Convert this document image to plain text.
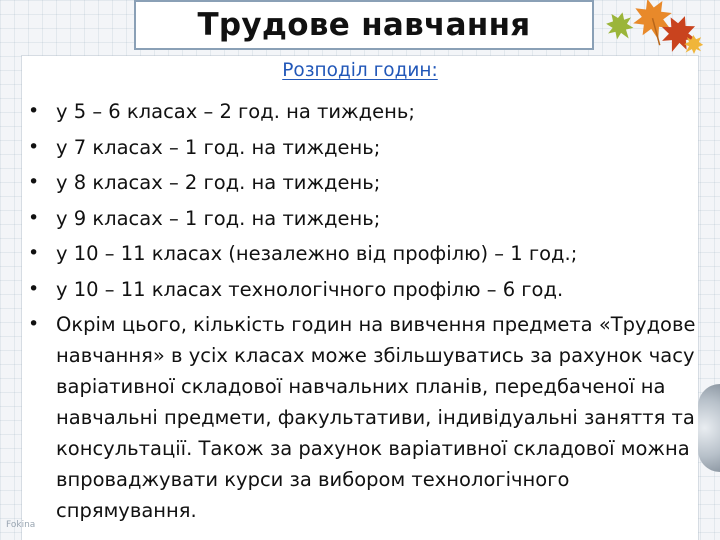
Трудове навчання
Розподіл годин:
• у 5 – 6 класах – 2 год. на тиждень;
• у 7 класах – 1 год. на тиждень;
• у 8 класах – 2 год. на тиждень;
• у 9 класах – 1 год. на тиждень;
• у 10 – 11 класах (незалежно від профілю) – 1 год.;
• у 10 – 11 класах технологічного профілю – 6 год.
• Окрім цього, кількість годин на вивчення предмета «Трудове навчання» в усіх класах може збільшуватись за рахунок часу варіативної складової навчальних планів, передбаченої на навчальні предмети, факультативи, індивідуальні заняття та консультації. Також за рахунок варіативної складової можна впроваджувати курси за вибором технологічного спрямування.
Fokina
